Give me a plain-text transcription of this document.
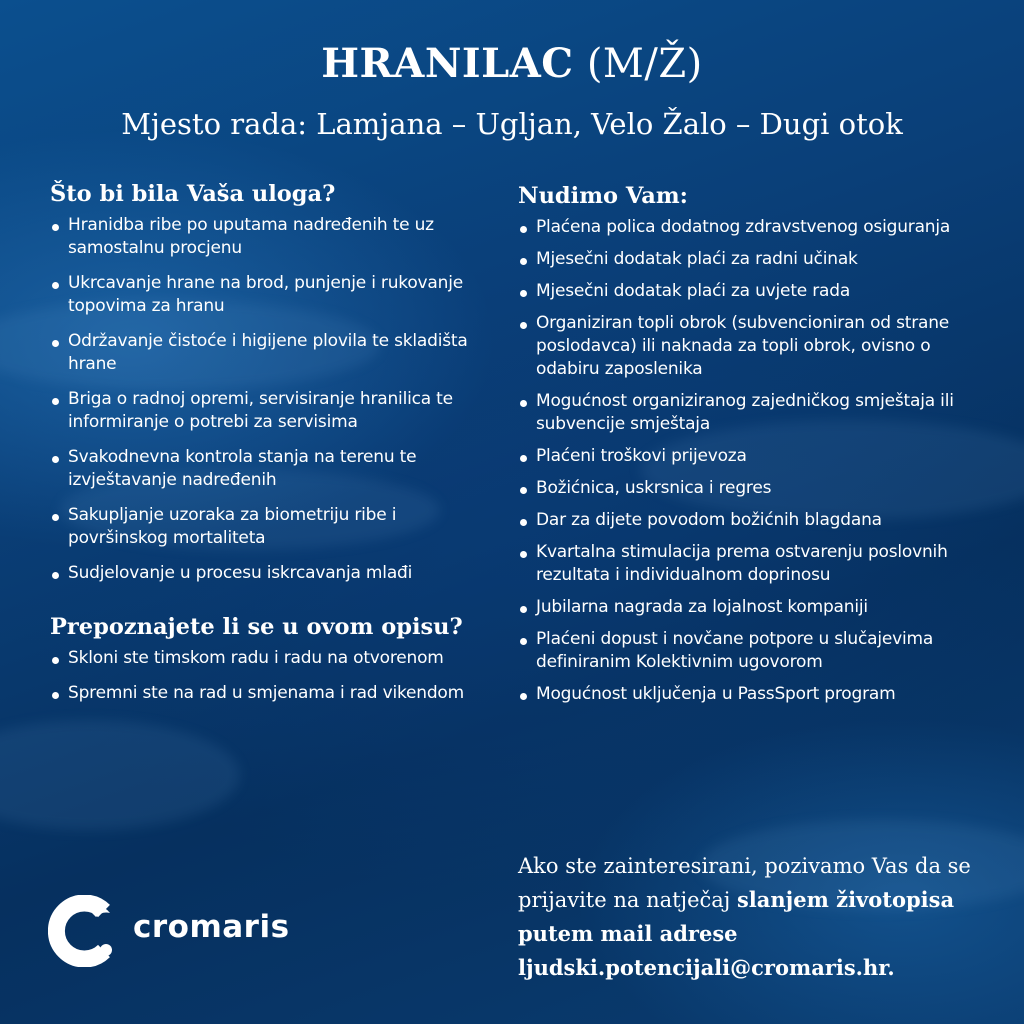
HRANILAC (M/Ž)
Mjesto rada: Lamjana – Ugljan, Velo Žalo – Dugi otok
Što bi bila Vaša uloga?
Hranidba ribe po uputama nadređenih te uz samostalnu procjenu
Ukrcavanje hrane na brod, punjenje i rukovanje topovima za hranu
Održavanje čistoće i higijene plovila te skladišta hrane
Briga o radnoj opremi, servisiranje hranilica te informiranje o potrebi za servisima
Svakodnevna kontrola stanja na terenu te izvještavanje nadređenih
Sakupljanje uzoraka za biometriju ribe i površinskog mortaliteta
Sudjelovanje u procesu iskrcavanja mlađi
Prepoznajete li se u ovom opisu?
Skloni ste timskom radu i radu na otvorenom
Spremni ste na rad u smjenama i rad vikendom
Nudimo Vam:
Plaćena polica dodatnog zdravstvenog osiguranja
Mjesečni dodatak plaći za radni učinak
Mjesečni dodatak plaći za uvjete rada
Organiziran topli obrok (subvencioniran od strane poslodavca) ili naknada za topli obrok, ovisno o odabiru zaposlenika
Mogućnost organiziranog zajedničkog smještaja ili subvencije smještaja
Plaćeni troškovi prijevoza
Božićnica, uskrsnica i regres
Dar za dijete povodom božićnih blagdana
Kvartalna stimulacija prema ostvarenju poslovnih rezultata i individualnom doprinosu
Jubilarna nagrada za lojalnost kompaniji
Plaćeni dopust i novčane potpore u slučajevima definiranim Kolektivnim ugovorom
Mogućnost uključenja u PassSport program
Ako ste zainteresirani, pozivamo Vas da se prijavite na natječaj slanjem životopisa putem mail adrese ljudski.potencijali@cromaris.hr.
cromaris
